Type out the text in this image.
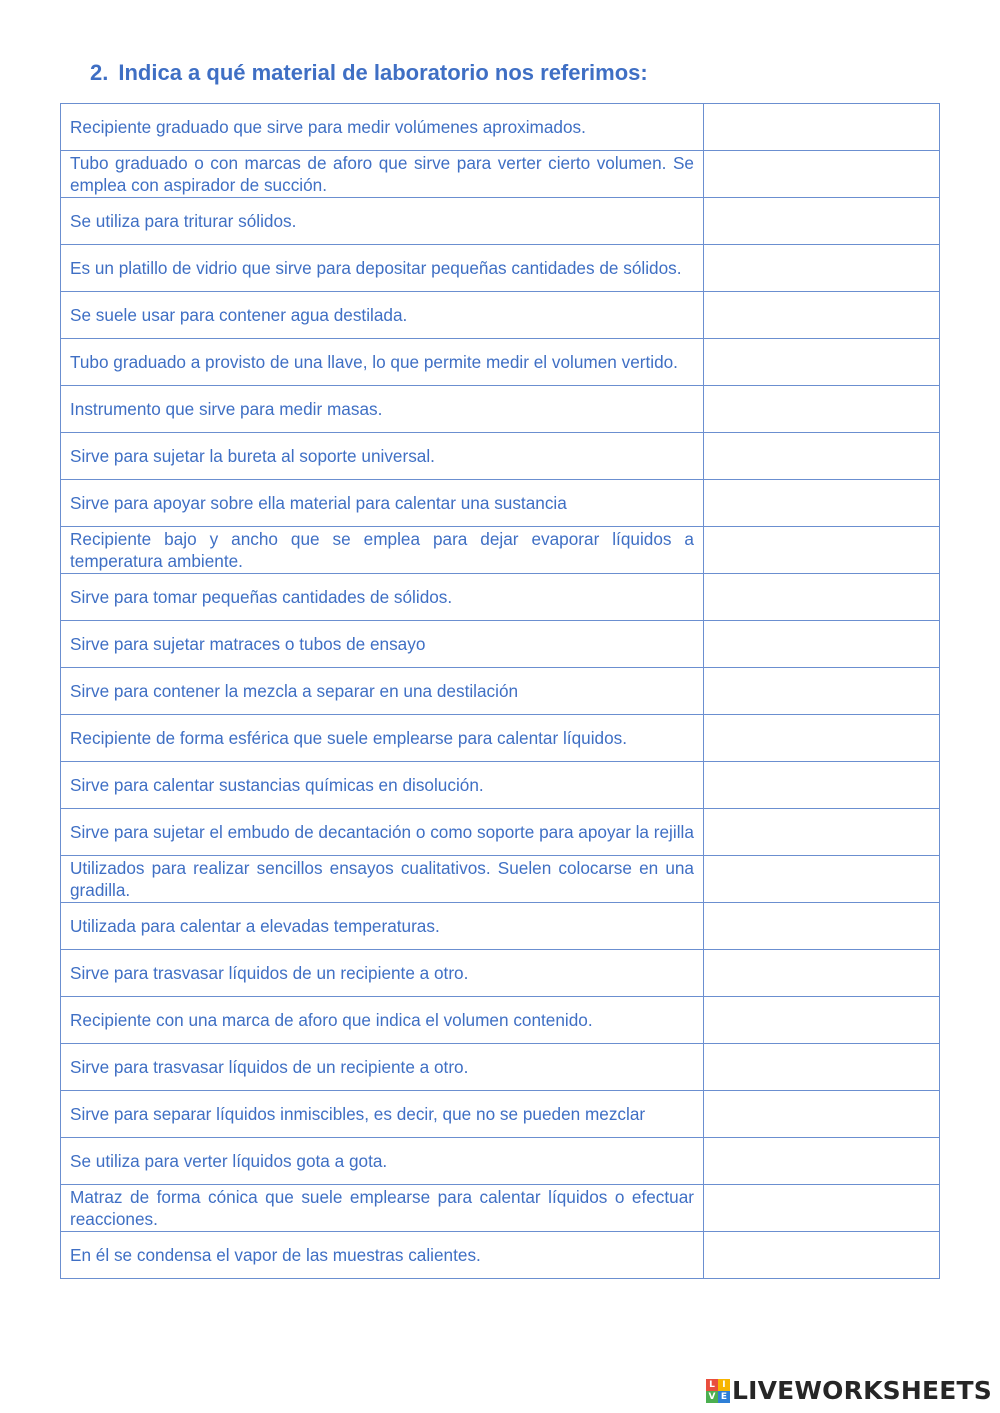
2. Indica a qué material de laboratorio nos referimos:
Recipiente graduado que sirve para medir volúmenes aproximados.	
Tubo graduado o con marcas de aforo que sirve para verter cierto volumen. Se emplea con aspirador de succión.	
Se utiliza para triturar sólidos.	
Es un platillo de vidrio que sirve para depositar pequeñas cantidades de sólidos.	
Se suele usar para contener agua destilada.	
Tubo graduado a provisto de una llave, lo que permite medir el volumen vertido.	
Instrumento que sirve para medir masas.	
Sirve para sujetar la bureta al soporte universal.	
Sirve para apoyar sobre ella material para calentar una sustancia	
Recipiente bajo y ancho que se emplea para dejar evaporar líquidos a temperatura ambiente.	
Sirve para tomar pequeñas cantidades de sólidos.	
Sirve para sujetar matraces o tubos de ensayo	
Sirve para contener la mezcla a separar en una destilación	
Recipiente de forma esférica que suele emplearse para calentar líquidos.	
Sirve para calentar sustancias químicas en disolución.	
Sirve para sujetar el embudo de decantación o como soporte para apoyar la rejilla	
Utilizados para realizar sencillos ensayos cualitativos. Suelen colocarse en una gradilla.	
Utilizada para calentar a elevadas temperaturas.	
Sirve para trasvasar líquidos de un recipiente a otro.	
Recipiente con una marca de aforo que indica el volumen contenido.	
Sirve para trasvasar líquidos de un recipiente a otro.	
Sirve para separar líquidos inmiscibles, es decir, que no se pueden mezclar	
Se utiliza para verter líquidos gota a gota.	
Matraz de forma cónica que suele emplearse para calentar líquidos o efectuar reacciones.	
En él se condensa el vapor de las muestras calientes.	
L I
V E LIVEWORKSHEETS
